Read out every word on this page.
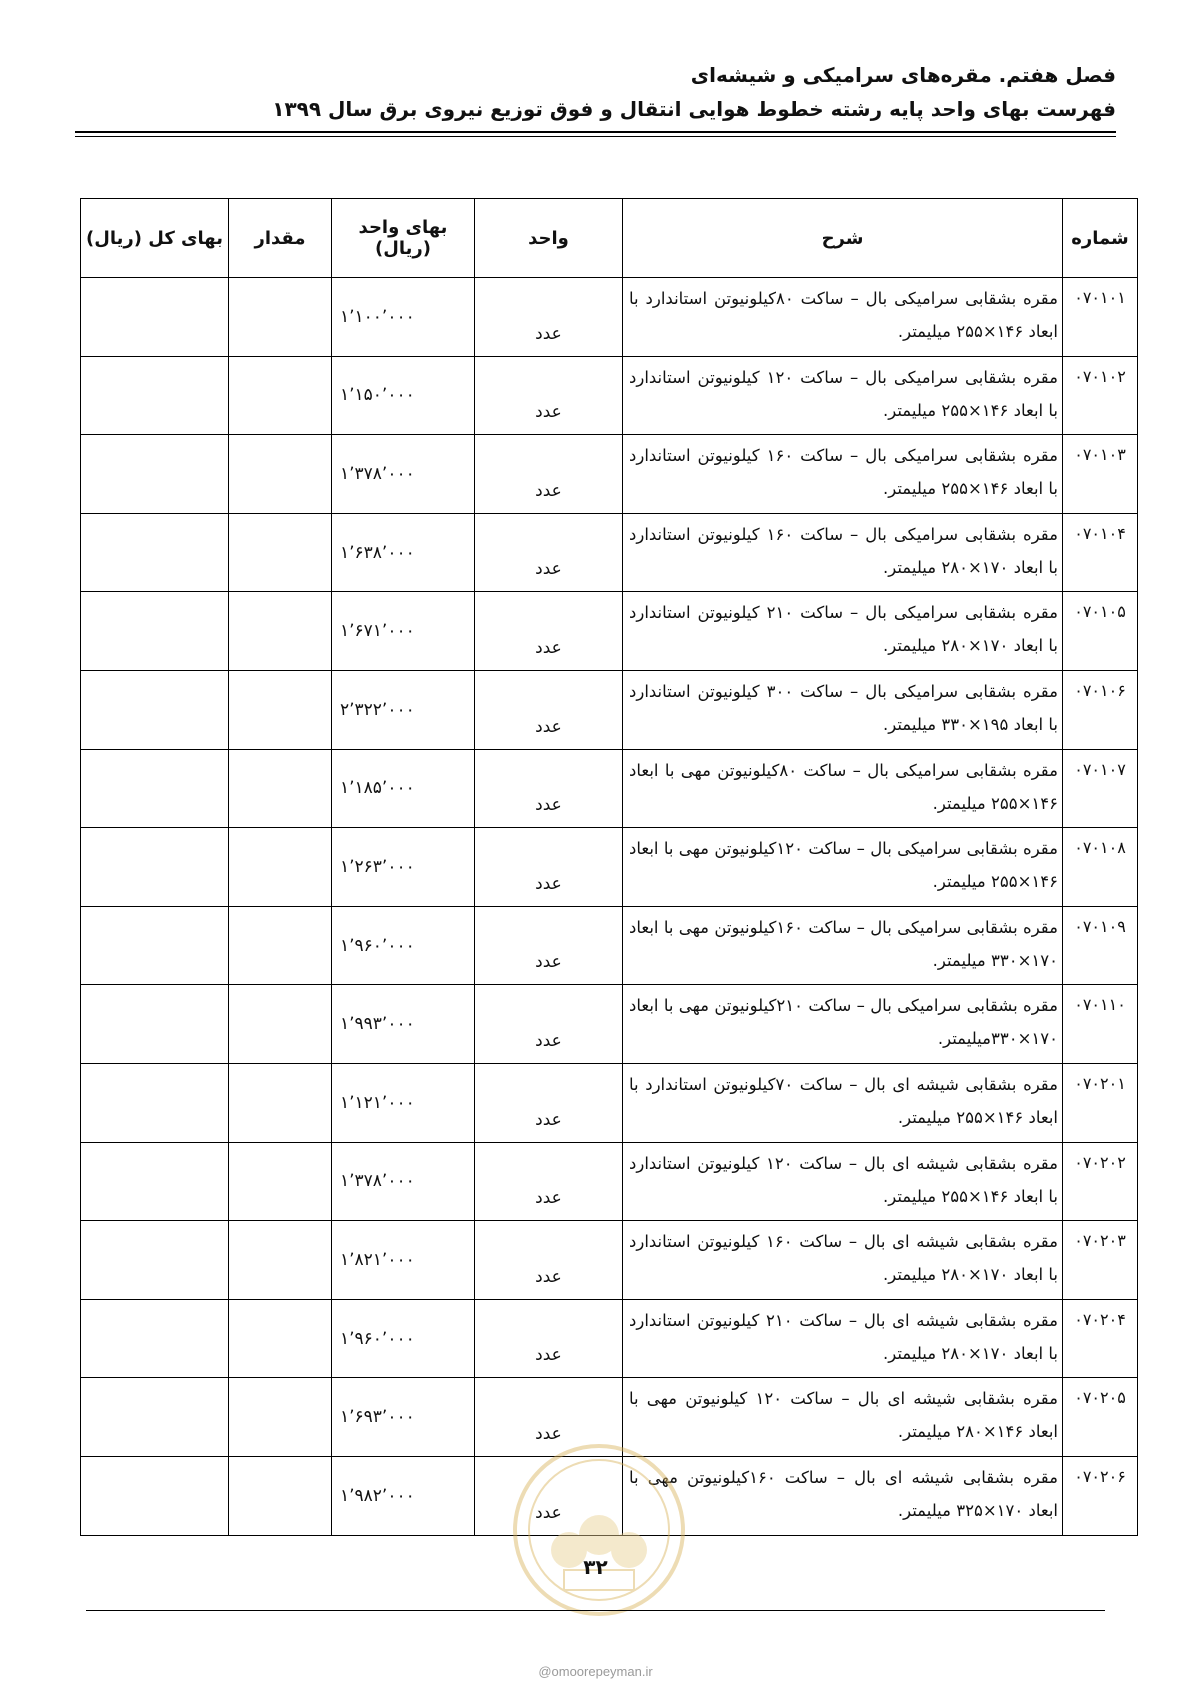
فصل هفتم. مقره‌های سرامیکی و شیشه‌ای
فهرست بهای واحد پایه رشته خطوط هوایی انتقال و فوق توزیع نیروی برق سال ۱۳۹۹
شماره	شرح	واحد	بهای واحد (ریال)	مقدار	بهای کل (ریال)
۰۷۰۱۰۱	مقره بشقابی سرامیکی بال – ساکت ۸۰کیلونیوتن استاندارد با ابعاد ۱۴۶×۲۵۵ میلیمتر.	عدد	۱٬۱۰۰٬۰۰۰		
۰۷۰۱۰۲	مقره بشقابی سرامیکی بال – ساکت ۱۲۰ کیلونیوتن استاندارد با ابعاد ۱۴۶×۲۵۵ میلیمتر.	عدد	۱٬۱۵۰٬۰۰۰		
۰۷۰۱۰۳	مقره بشقابی سرامیکی بال – ساکت ۱۶۰ کیلونیوتن استاندارد با ابعاد ۱۴۶×۲۵۵ میلیمتر.	عدد	۱٬۳۷۸٬۰۰۰		
۰۷۰۱۰۴	مقره بشقابی سرامیکی بال – ساکت ۱۶۰ کیلونیوتن استاندارد با ابعاد ۱۷۰×۲۸۰ میلیمتر.	عدد	۱٬۶۳۸٬۰۰۰		
۰۷۰۱۰۵	مقره بشقابی سرامیکی بال – ساکت ۲۱۰ کیلونیوتن استاندارد با ابعاد ۱۷۰×۲۸۰ میلیمتر.	عدد	۱٬۶۷۱٬۰۰۰		
۰۷۰۱۰۶	مقره بشقابی سرامیکی بال – ساکت ۳۰۰ کیلونیوتن استاندارد با ابعاد ۱۹۵×۳۳۰ میلیمتر.	عدد	۲٬۳۲۲٬۰۰۰		
۰۷۰۱۰۷	مقره بشقابی سرامیکی بال – ساکت ۸۰کیلونیوتن مهی با ابعاد ۱۴۶×۲۵۵ میلیمتر.	عدد	۱٬۱۸۵٬۰۰۰		
۰۷۰۱۰۸	مقره بشقابی سرامیکی بال – ساکت ۱۲۰کیلونیوتن مهی با ابعاد ۱۴۶×۲۵۵ میلیمتر.	عدد	۱٬۲۶۳٬۰۰۰		
۰۷۰۱۰۹	مقره بشقابی سرامیکی بال – ساکت ۱۶۰کیلونیوتن مهی با ابعاد ۱۷۰×۳۳۰ میلیمتر.	عدد	۱٬۹۶۰٬۰۰۰		
۰۷۰۱۱۰	مقره بشقابی سرامیکی بال – ساکت ۲۱۰کیلونیوتن مهی با ابعاد ۱۷۰×۳۳۰میلیمتر.	عدد	۱٬۹۹۳٬۰۰۰		
۰۷۰۲۰۱	مقره بشقابی شیشه ای بال – ساکت ۷۰کیلونیوتن استاندارد با ابعاد ۱۴۶×۲۵۵ میلیمتر.	عدد	۱٬۱۲۱٬۰۰۰		
۰۷۰۲۰۲	مقره بشقابی شیشه ای بال – ساکت ۱۲۰ کیلونیوتن استاندارد با ابعاد ۱۴۶×۲۵۵ میلیمتر.	عدد	۱٬۳۷۸٬۰۰۰		
۰۷۰۲۰۳	مقره بشقابی شیشه ای بال – ساکت ۱۶۰ کیلونیوتن استاندارد با ابعاد ۱۷۰×۲۸۰ میلیمتر.	عدد	۱٬۸۲۱٬۰۰۰		
۰۷۰۲۰۴	مقره بشقابی شیشه ای بال – ساکت ۲۱۰ کیلونیوتن استاندارد با ابعاد ۱۷۰×۲۸۰ میلیمتر.	عدد	۱٬۹۶۰٬۰۰۰		
۰۷۰۲۰۵	مقره بشقابی شیشه ای بال – ساکت ۱۲۰ کیلونیوتن مهی با ابعاد ۱۴۶×۲۸۰ میلیمتر.	عدد	۱٬۶۹۳٬۰۰۰		
۰۷۰۲۰۶	مقره بشقابی شیشه ای بال – ساکت ۱۶۰کیلونیوتن مهی با ابعاد ۱۷۰×۳۲۵ میلیمتر.	عدد	۱٬۹۸۲٬۰۰۰		
۳۲
@omoorepeyman.ir
